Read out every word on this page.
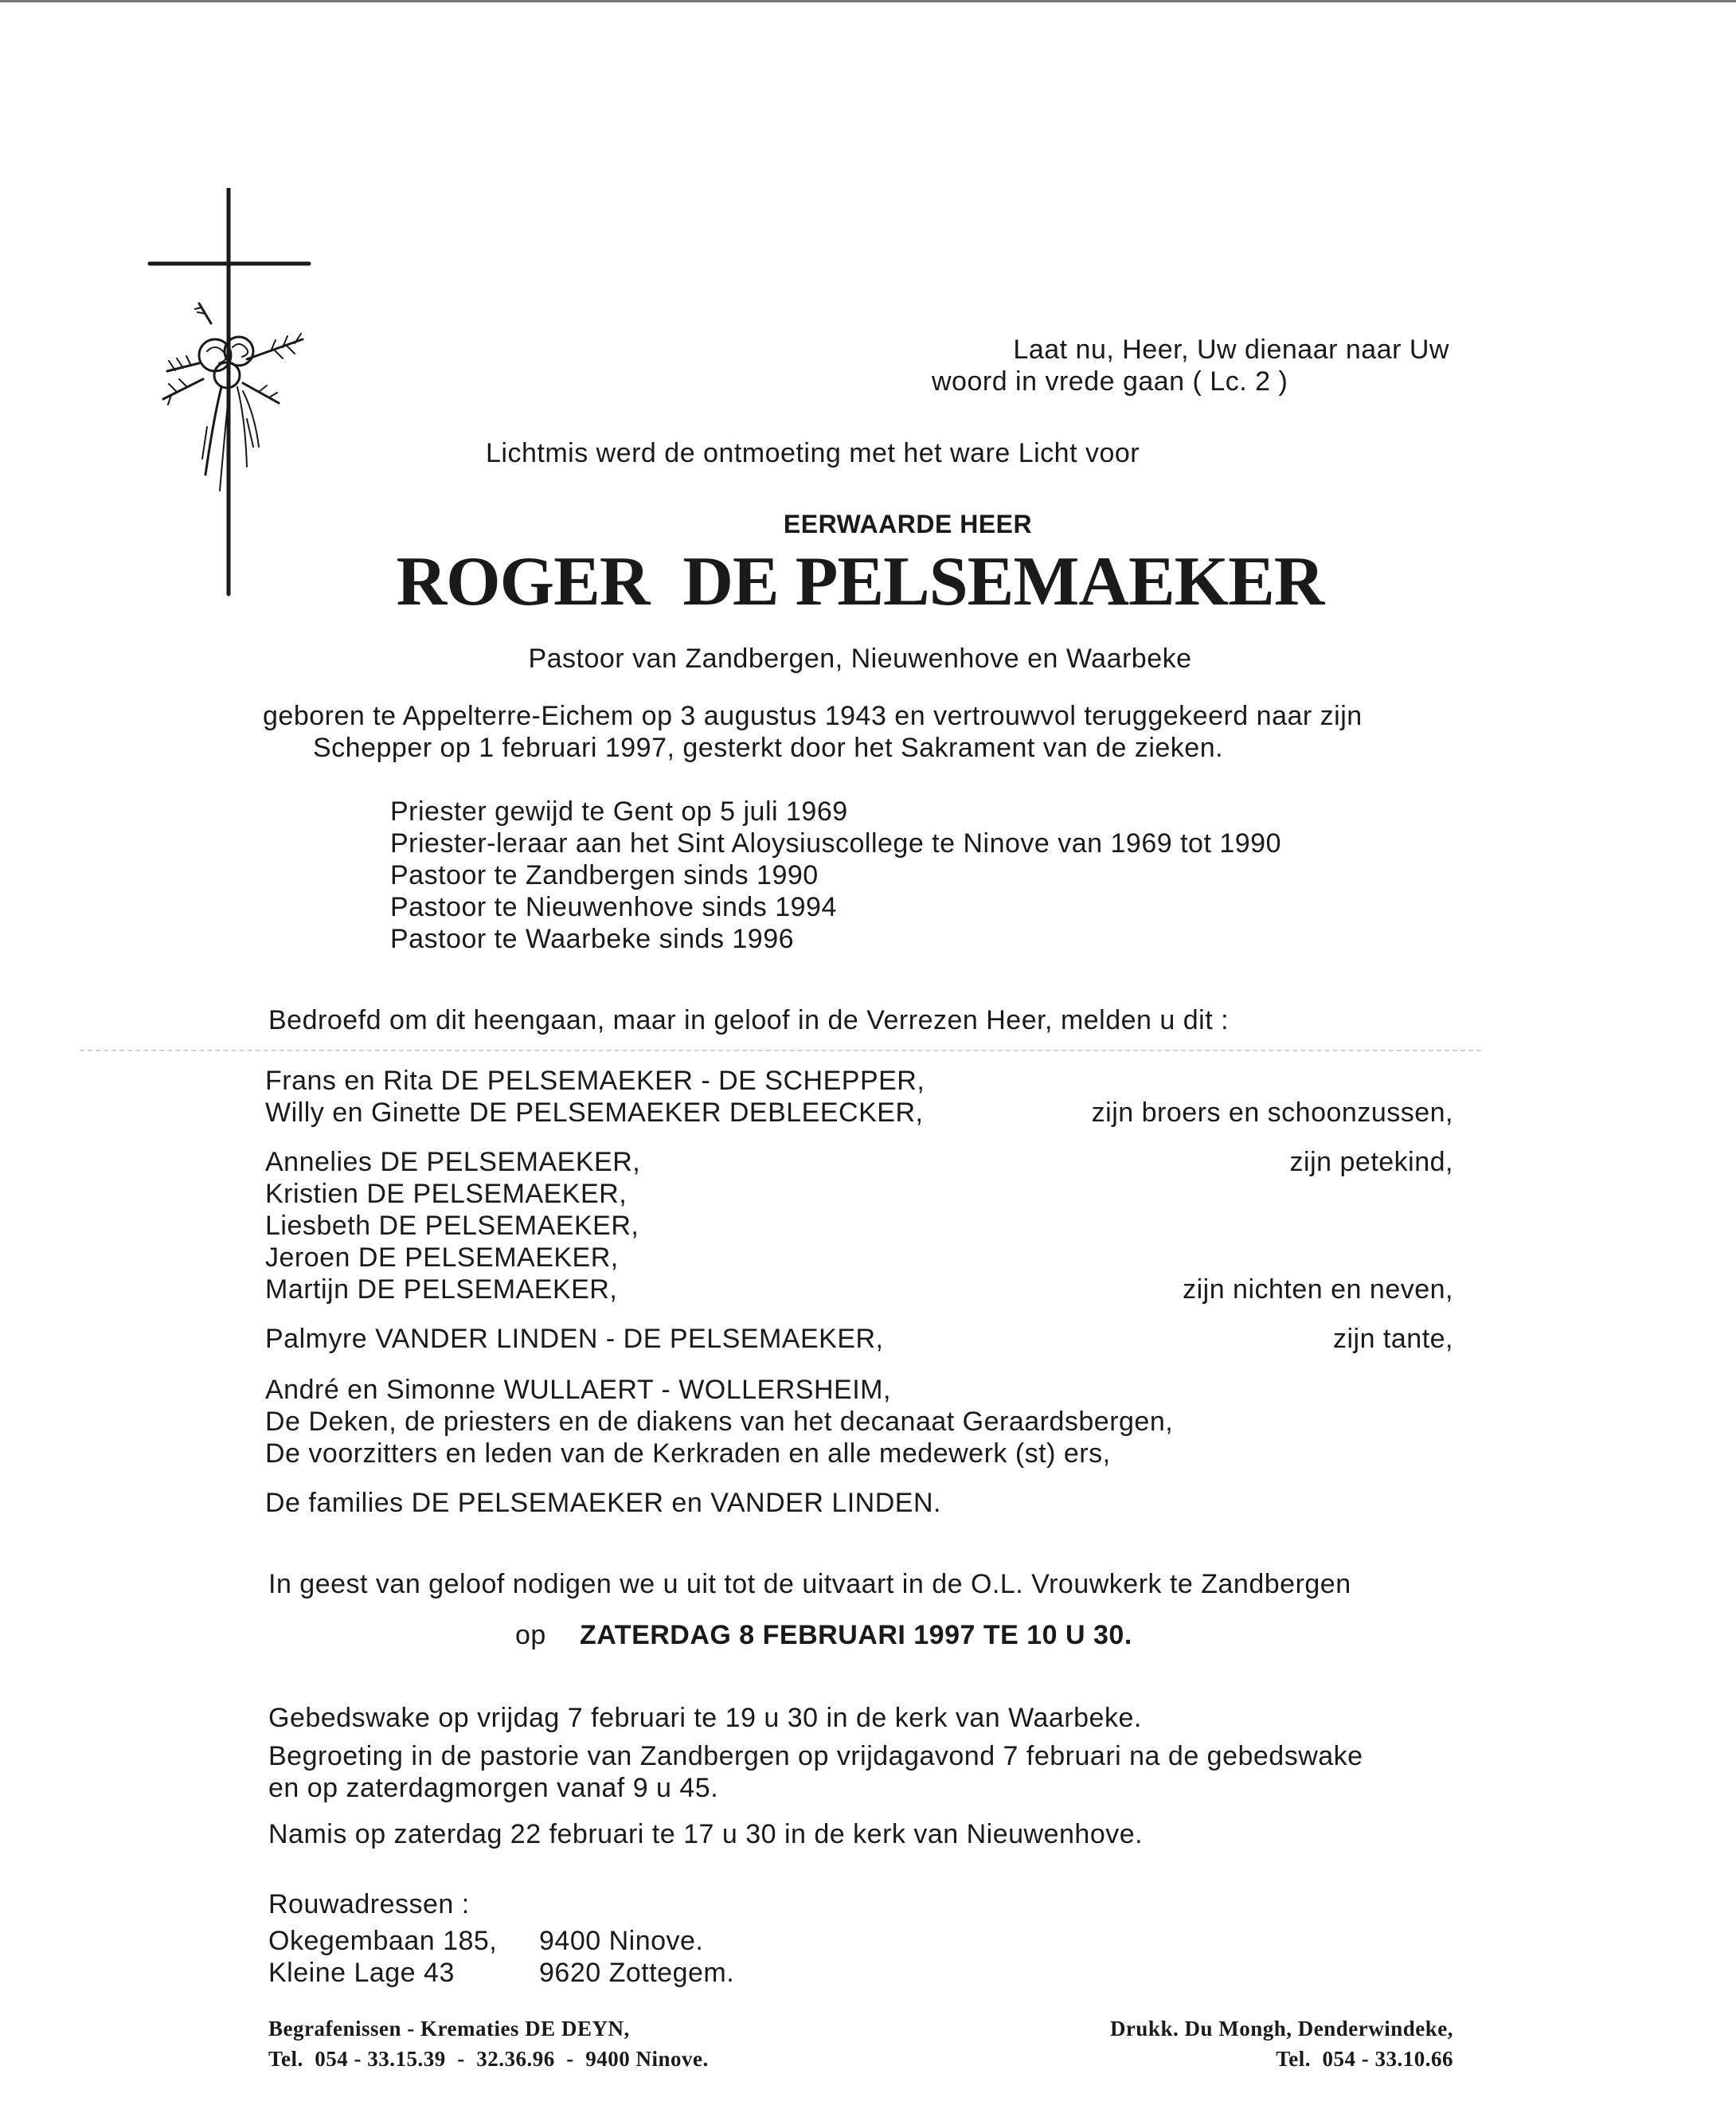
Laat nu, Heer, Uw dienaar naar Uw
woord in vrede gaan ( Lc. 2 )
Lichtmis werd de ontmoeting met het ware Licht voor
EERWAARDE HEER
ROGER  DE PELSEMAEKER
Pastoor van Zandbergen, Nieuwenhove en Waarbeke
geboren te Appelterre-Eichem op 3 augustus 1943 en vertrouwvol teruggekeerd naar zijn
Schepper op 1 februari 1997, gesterkt door het Sakrament van de zieken.
Priester gewijd te Gent op 5 juli 1969
Priester-leraar aan het Sint Aloysiuscollege te Ninove van 1969 tot 1990
Pastoor te Zandbergen sinds 1990
Pastoor te Nieuwenhove sinds 1994
Pastoor te Waarbeke sinds 1996
Bedroefd om dit heengaan, maar in geloof in de Verrezen Heer, melden u dit :
Frans en Rita DE PELSEMAEKER - DE SCHEPPER,
Willy en Ginette DE PELSEMAEKER DEBLEECKER,	zijn broers en schoonzussen,
Annelies DE PELSEMAEKER,	zijn petekind,
Kristien DE PELSEMAEKER,
Liesbeth DE PELSEMAEKER,
Jeroen DE PELSEMAEKER,
Martijn DE PELSEMAEKER,	zijn nichten en neven,
Palmyre VANDER LINDEN - DE PELSEMAEKER,	zijn tante,
André en Simonne WULLAERT - WOLLERSHEIM,
De Deken, de priesters en de diakens van het decanaat Geraardsbergen,
De voorzitters en leden van de Kerkraden en alle medewerk (st) ers,
De families DE PELSEMAEKER en VANDER LINDEN.
In geest van geloof nodigen we u uit tot de uitvaart in de O.L. Vrouwkerk te Zandbergen
op ZATERDAG 8 FEBRUARI 1997 TE 10 U 30.
Gebedswake op vrijdag 7 februari te 19 u 30 in de kerk van Waarbeke.
Begroeting in de pastorie van Zandbergen op vrijdagavond 7 februari na de gebedswake
en op zaterdagmorgen vanaf 9 u 45.
Namis op zaterdag 22 februari te 17 u 30 in de kerk van Nieuwenhove.
Rouwadressen :
Okegembaan 185, 9400 Ninove.
Kleine Lage 43	9620 Zottegem.
Begrafenissen - Krematies DE DEYN,
Tel.  054 - 33.15.39  -  32.36.96  -  9400 Ninove.
Drukk. Du Mongh, Denderwindeke,
Tel.  054 - 33.10.66
